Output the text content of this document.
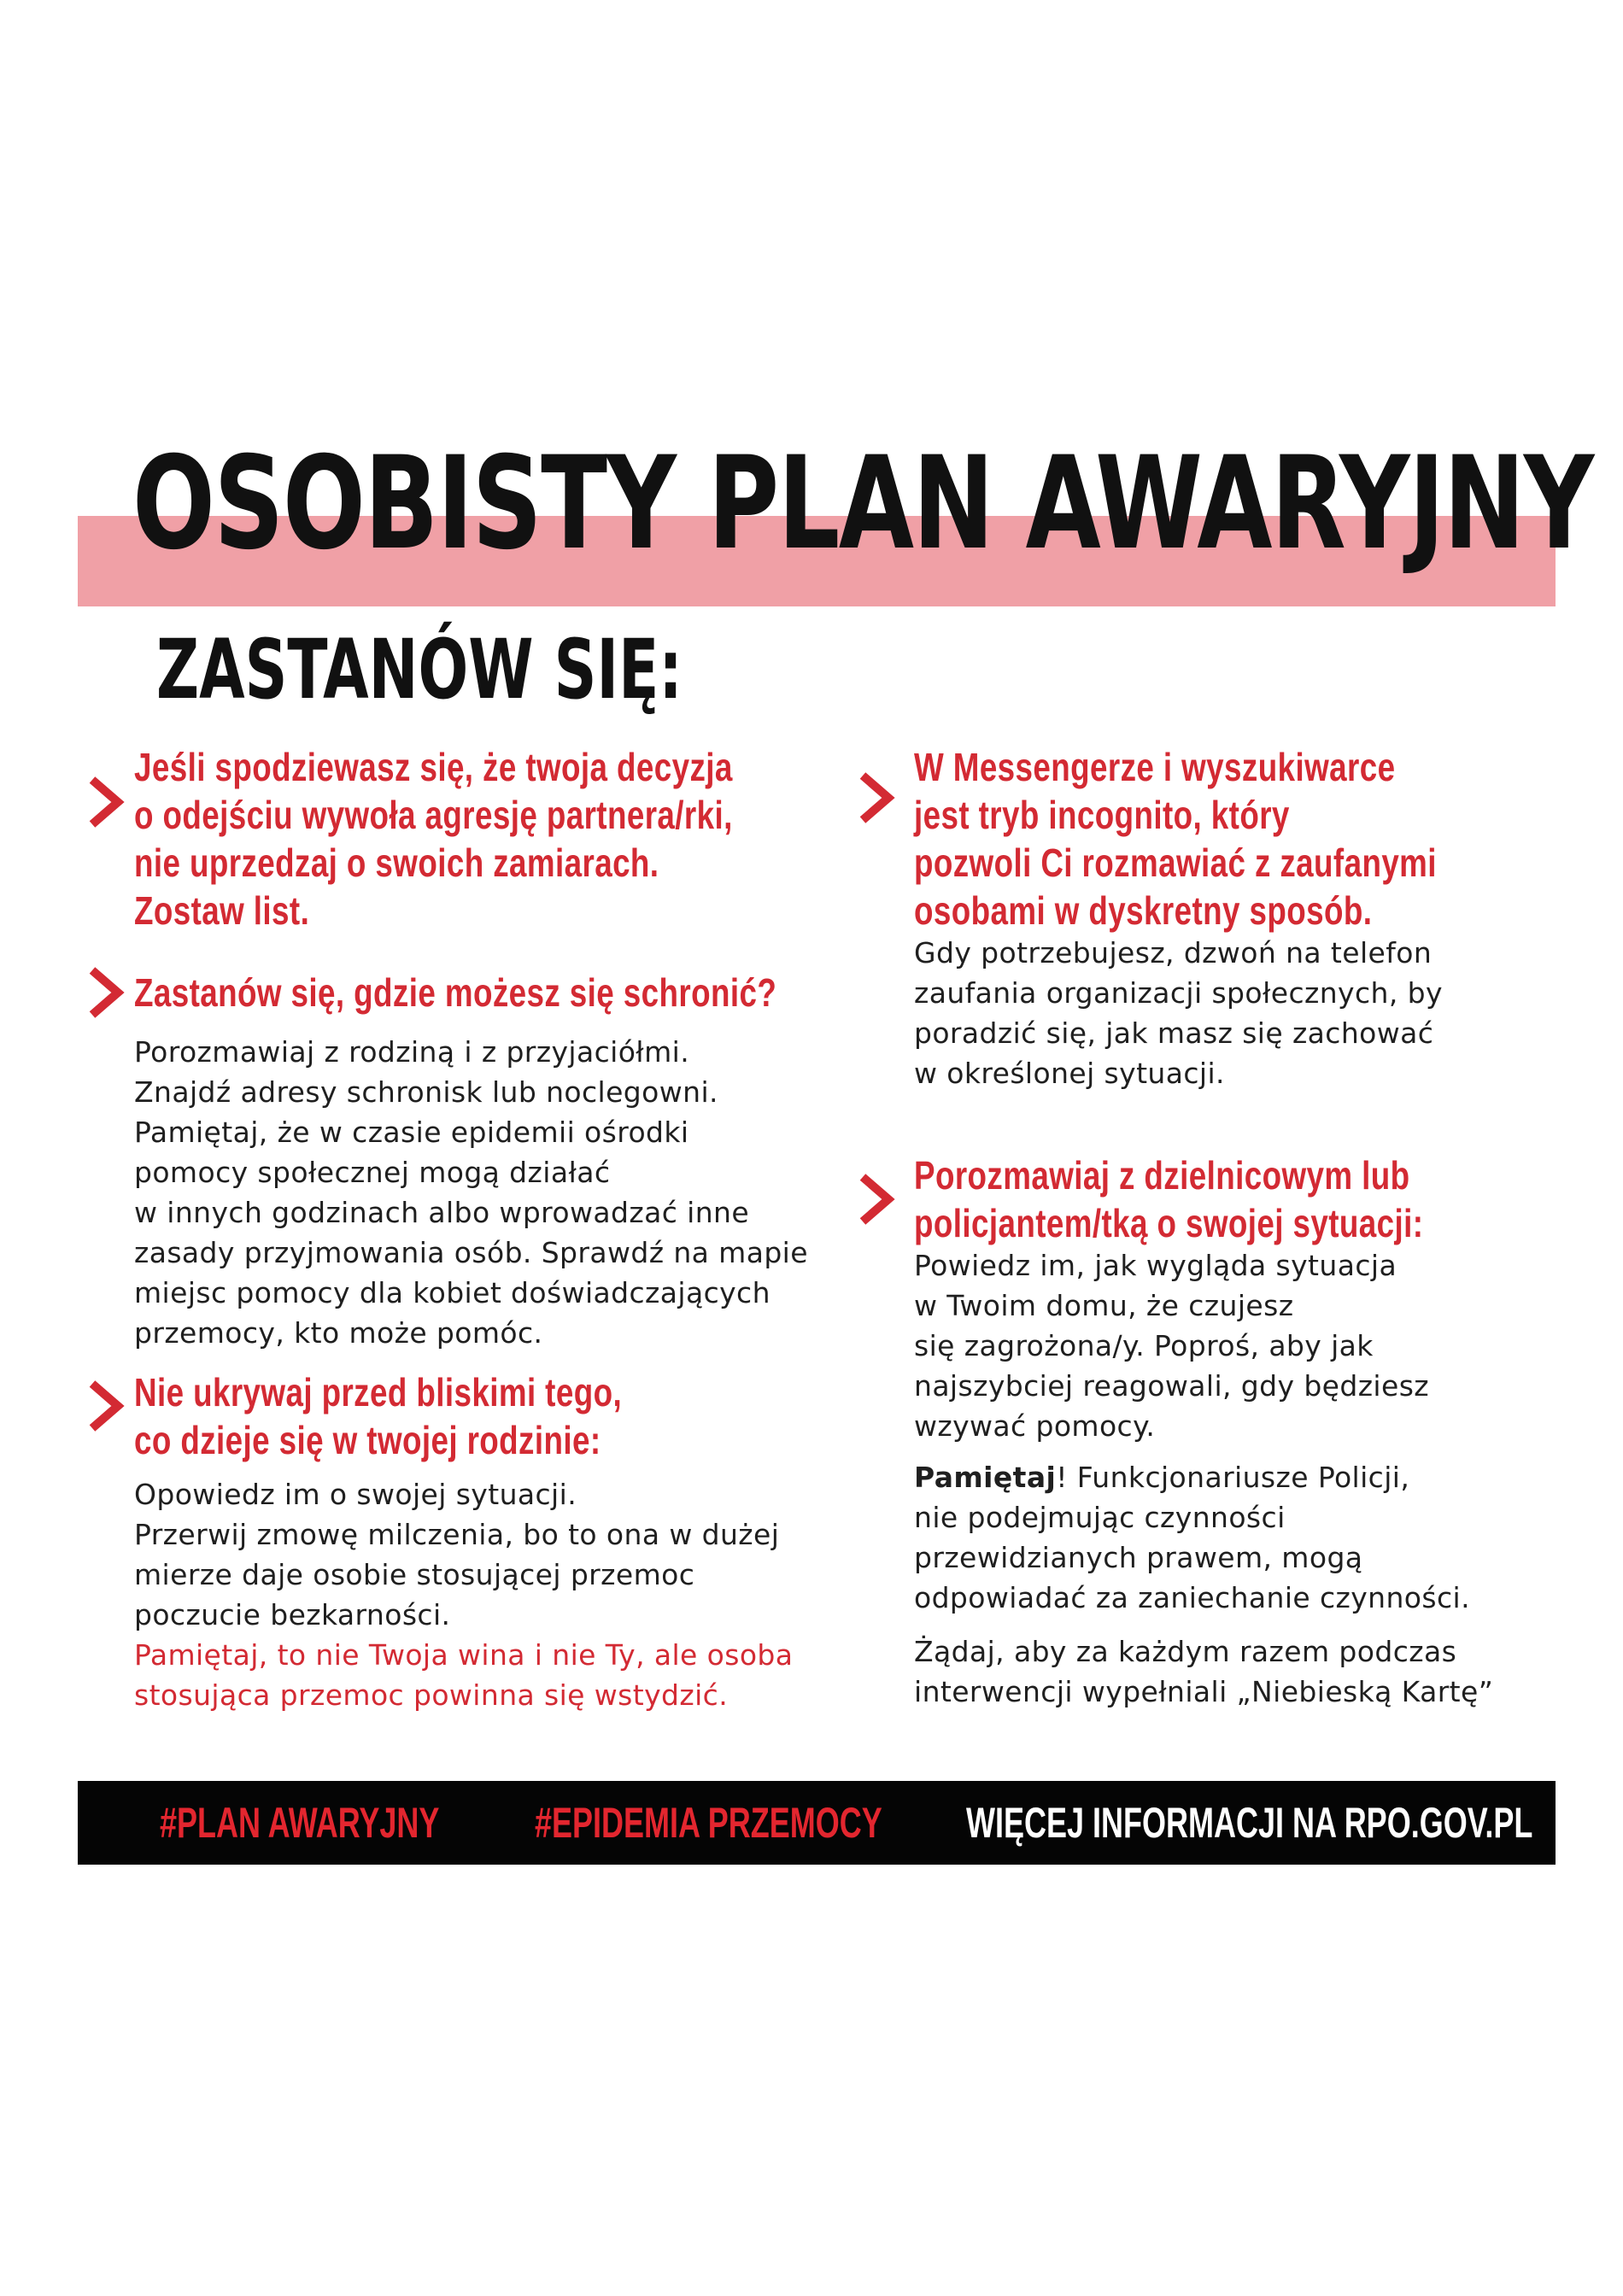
OSOBISTY PLAN AWARYJNY
ZASTANÓW SIĘ:
Jeśli spodziewasz się, że twoja decyzja
o odejściu wywoła agresję partnera/rki,
nie uprzedzaj o swoich zamiarach.
Zostaw list.
Zastanów się, gdzie możesz się schronić?
Porozmawiaj z rodziną i z przyjaciółmi.
Znajdź adresy schronisk lub noclegowni.
Pamiętaj, że w czasie epidemii ośrodki
pomocy społecznej mogą działać
w innych godzinach albo wprowadzać inne
zasady przyjmowania osób. Sprawdź na mapie
miejsc pomocy dla kobiet doświadczających
przemocy, kto może pomóc.
Nie ukrywaj przed bliskimi tego,
co dzieje się w twojej rodzinie:
Opowiedz im o swojej sytuacji.
Przerwij zmowę milczenia, bo to ona w dużej
mierze daje osobie stosującej przemoc
poczucie bezkarności.
Pamiętaj, to nie Twoja wina i nie Ty, ale osoba
stosująca przemoc powinna się wstydzić.
W Messengerze i wyszukiwarce
jest tryb incognito, który
pozwoli Ci rozmawiać z zaufanymi
osobami w dyskretny sposób.
Gdy potrzebujesz, dzwoń na telefon
zaufania organizacji społecznych, by
poradzić się, jak masz się zachować
w określonej sytuacji.
Porozmawiaj z dzielnicowym lub
policjantem/tką o swojej sytuacji:
Powiedz im, jak wygląda sytuacja
w Twoim domu, że czujesz
się zagrożona/y. Poproś, aby jak
najszybciej reagowali, gdy będziesz
wzywać pomocy.
Pamiętaj! Funkcjonariusze Policji,
nie podejmując czynności
przewidzianych prawem, mogą
odpowiadać za zaniechanie czynności.
Żądaj, aby za każdym razem podczas
interwencji wypełniali „Niebieską Kartę”

#PLAN AWARYJNY #EPIDEMIA PRZEMOCY WIĘCEJ INFORMACJI NA RPO.GOV.PL
